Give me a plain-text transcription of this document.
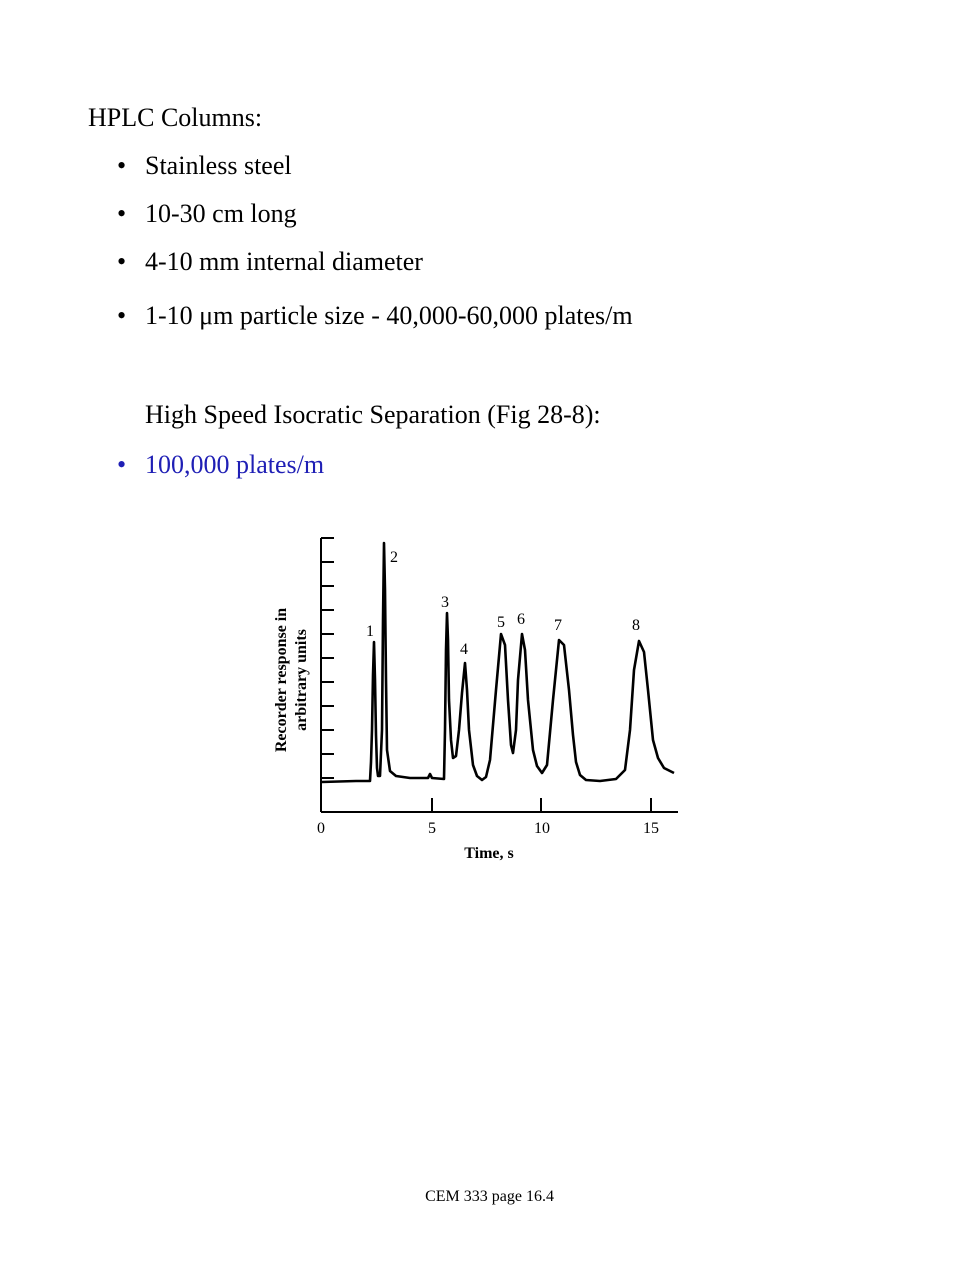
HPLC Columns:
• Stainless steel
• 10-30 cm long
• 4-10 mm internal diameter
• 1-10 μm particle size - 40,000-60,000 plates/m
High Speed Isocratic Separation (Fig 28-8):
• 100,000 plates/m
1
2
3
4
5 6 7	8
0	5	10	15
Time, s
Recorder response in arbitrary units
CEM 333 page 16.4
